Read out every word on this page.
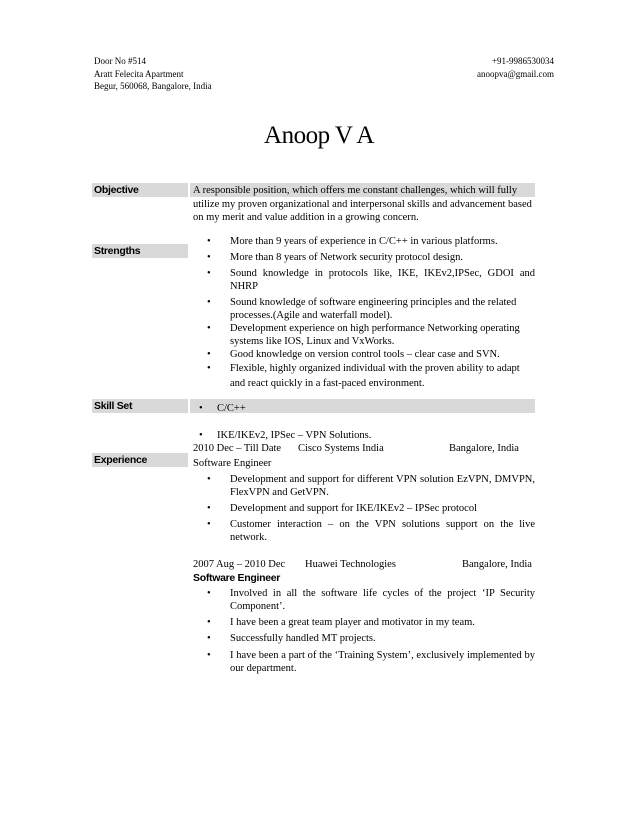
Door No #514
Aratt Felecita Apartment
Begur, 560068, Bangalore, India
+91-9986530034
anoopva@gmail.com
Anoop V A
Objective
Strengths
Skill Set
Experience
A responsible position, which offers me constant challenges, which will fully
utilize my proven organizational and interpersonal skills and advancement based
on my merit and value addition in a growing concern.
• More than 9 years of experience in C/C++ in various platforms.
• More than 8 years of Network security protocol design.
• Sound knowledge in protocols like, IKE, IKEv2,IPSec, GDOI and
NHRP
• Sound knowledge of software engineering principles and the related
processes.(Agile and waterfall model).
• Development experience on high performance Networking operating
systems like IOS, Linux and VxWorks.
• Good knowledge on version control tools – clear case and SVN.
• Flexible, highly organized individual with the proven ability to adapt
and react quickly in a fast-paced environment.
• C/C++
• IKE/IKEv2, IPSec – VPN Solutions.
2010 Dec – Till Date Cisco Systems India	Bangalore, India
Software Engineer
• Development and support for different VPN solution EzVPN, DMVPN,
FlexVPN and GetVPN.
• Development and support for IKE/IKEv2 – IPSec protocol
• Customer interaction – on the VPN solutions support on the live
network.
2007 Aug – 2010 Dec Huawei Technologies	Bangalore, India
Software Engineer
• Involved in all the software life cycles of the project ‘IP Security
Component’.
• I have been a great team player and motivator in my team.
• Successfully handled MT projects.
• I have been a part of the ‘Training System’, exclusively implemented by
our department.
